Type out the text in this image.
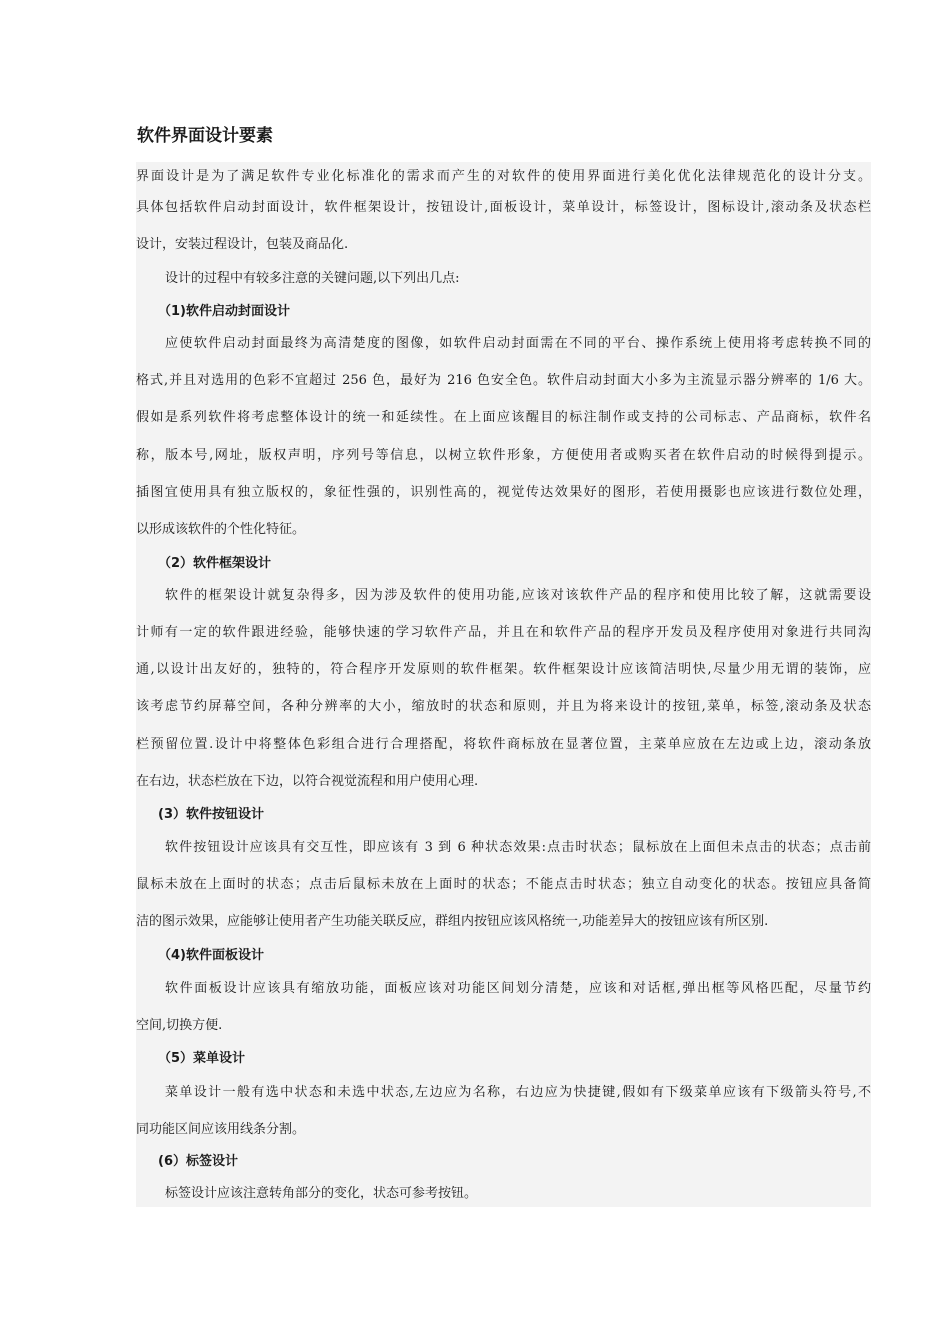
软件界面设计要素
界面设计是为了满足软件专业化标准化的需求而产生的对软件的使用界面进行美化优化法律规范化的设计分支。
具体包括软件启动封面设计，软件框架设计，按钮设计,面板设计，菜单设计，标签设计，图标设计,滚动条及状态栏
设计，安装过程设计，包装及商品化.
设计的过程中有较多注意的关键问题,以下列出几点:
（1)软件启动封面设计
应使软件启动封面最终为高清楚度的图像，如软件启动封面需在不同的平台、操作系统上使用将考虑转换不同的
格式,并且对选用的色彩不宜超过 256 色，最好为 216 色安全色。软件启动封面大小多为主流显示器分辨率的 1/6 大。
假如是系列软件将考虑整体设计的统一和延续性。在上面应该醒目的标注制作或支持的公司标志、产品商标，软件名
称，版本号,网址，版权声明，序列号等信息，以树立软件形象，方便使用者或购买者在软件启动的时候得到提示。
插图宜使用具有独立版权的，象征性强的，识别性高的，视觉传达效果好的图形，若使用摄影也应该进行数位处理，
以形成该软件的个性化特征。
（2）软件框架设计
软件的框架设计就复杂得多，因为涉及软件的使用功能,应该对该软件产品的程序和使用比较了解，这就需要设
计师有一定的软件跟进经验，能够快速的学习软件产品，并且在和软件产品的程序开发员及程序使用对象进行共同沟
通,以设计出友好的，独特的，符合程序开发原则的软件框架。软件框架设计应该简洁明快,尽量少用无谓的装饰，应
该考虑节约屏幕空间，各种分辨率的大小，缩放时的状态和原则，并且为将来设计的按钮,菜单，标签,滚动条及状态
栏预留位置.设计中将整体色彩组合进行合理搭配，将软件商标放在显著位置，主菜单应放在左边或上边，滚动条放
在右边，状态栏放在下边，以符合视觉流程和用户使用心理.
(3）软件按钮设计
软件按钮设计应该具有交互性，即应该有 3 到 6 种状态效果:点击时状态；鼠标放在上面但未点击的状态；点击前
鼠标未放在上面时的状态；点击后鼠标未放在上面时的状态；不能点击时状态；独立自动变化的状态。按钮应具备简
洁的图示效果，应能够让使用者产生功能关联反应，群组内按钮应该风格统一,功能差异大的按钮应该有所区别.
（4)软件面板设计
软件面板设计应该具有缩放功能，面板应该对功能区间划分清楚，应该和对话框,弹出框等风格匹配，尽量节约
空间,切换方便.
（5）菜单设计
菜单设计一般有选中状态和未选中状态,左边应为名称，右边应为快捷键,假如有下级菜单应该有下级箭头符号,不
同功能区间应该用线条分割。
(6）标签设计
标签设计应该注意转角部分的变化，状态可参考按钮。
